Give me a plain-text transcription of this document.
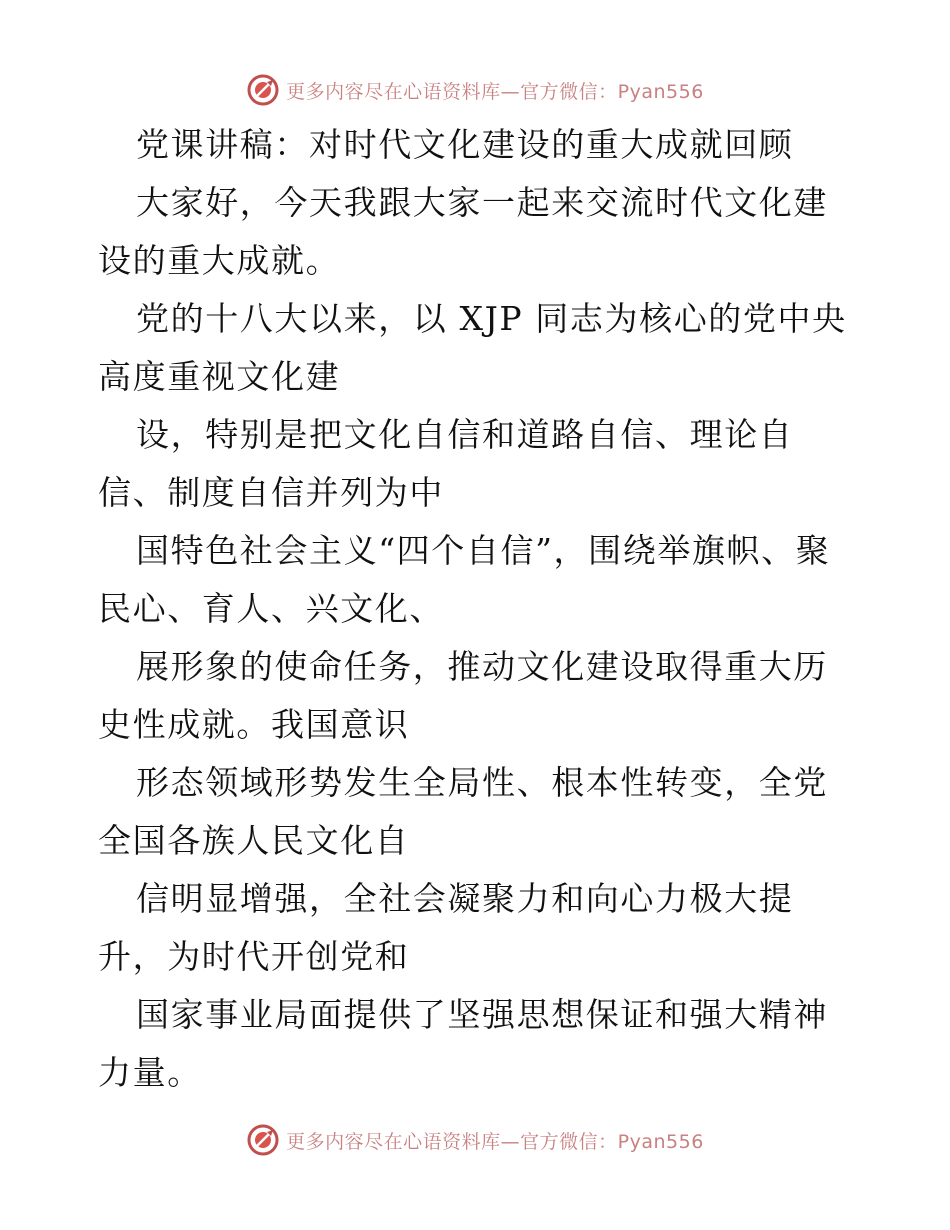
更多内容尽在心语资料库—官方微信：Pyan556

党课讲稿：对时代文化建设的重大成就回顾

大家好，今天我跟大家一起来交流时代文化建设的重大成就。

党的十八大以来，以 XJP 同志为核心的党中央高度重视文化建

设，特别是把文化自信和道路自信、理论自信、制度自信并列为中

国特色社会主义“四个自信”，围绕举旗帜、聚民心、育人、兴文化、

展形象的使命任务，推动文化建设取得重大历史性成就。我国意识

形态领域形势发生全局性、根本性转变，全党全国各族人民文化自

信明显增强，全社会凝聚力和向心力极大提升，为时代开创党和

国家事业局面提供了坚强思想保证和强大精神力量。

更多内容尽在心语资料库—官方微信：Pyan556
